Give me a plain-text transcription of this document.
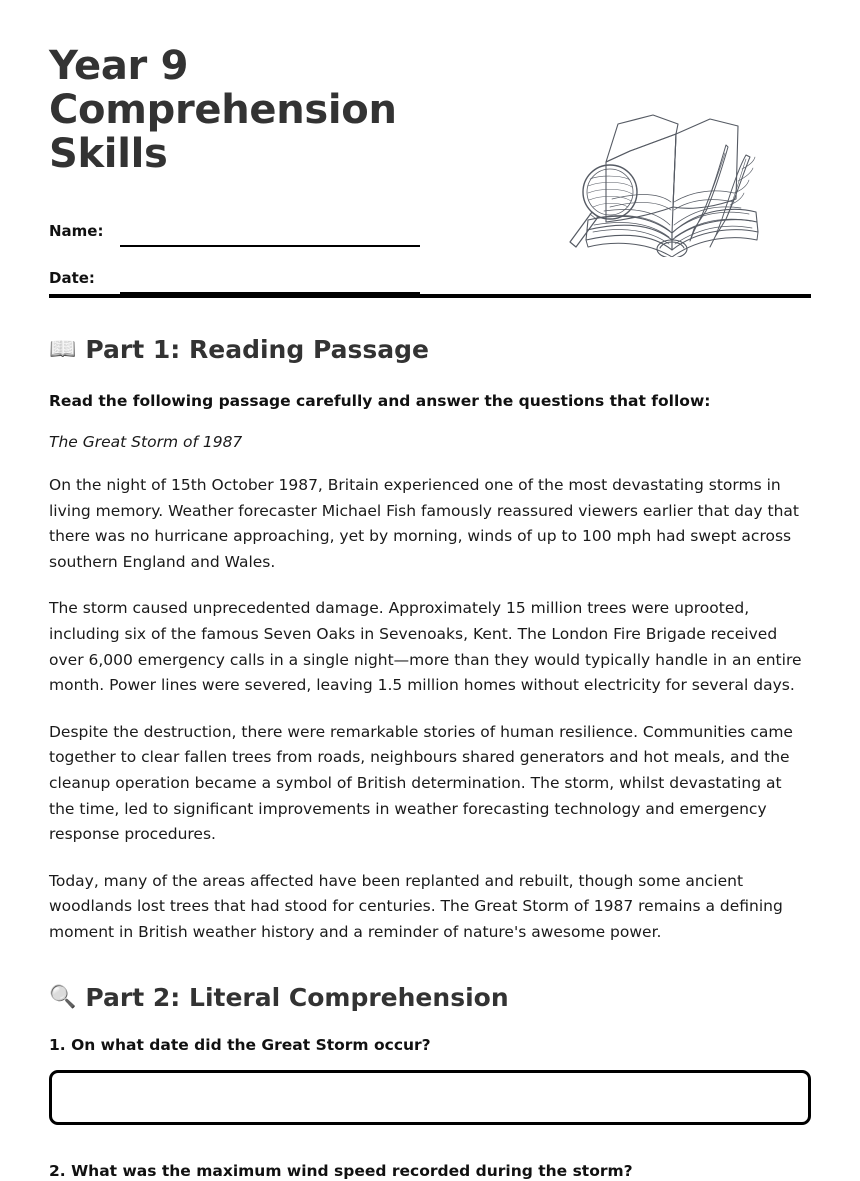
Year 9 Comprehension Skills
Name:
Date:
📖 Part 1: Reading Passage

Read the following passage carefully and answer the questions that follow:

The Great Storm of 1987

On the night of 15th October 1987, Britain experienced one of the most devastating storms in living memory. Weather forecaster Michael Fish famously reassured viewers earlier that day that there was no hurricane approaching, yet by morning, winds of up to 100 mph had swept across southern England and Wales.

The storm caused unprecedented damage. Approximately 15 million trees were uprooted, including six of the famous Seven Oaks in Sevenoaks, Kent. The London Fire Brigade received over 6,000 emergency calls in a single night—more than they would typically handle in an entire month. Power lines were severed, leaving 1.5 million homes without electricity for several days.

Despite the destruction, there were remarkable stories of human resilience. Communities came together to clear fallen trees from roads, neighbours shared generators and hot meals, and the cleanup operation became a symbol of British determination. The storm, whilst devastating at the time, led to significant improvements in weather forecasting technology and emergency response procedures.

Today, many of the areas affected have been replanted and rebuilt, though some ancient woodlands lost trees that had stood for centuries. The Great Storm of 1987 remains a defining moment in British weather history and a reminder of nature's awesome power.

🔍 Part 2: Literal Comprehension

1. On what date did the Great Storm occur?

2. What was the maximum wind speed recorded during the storm?
